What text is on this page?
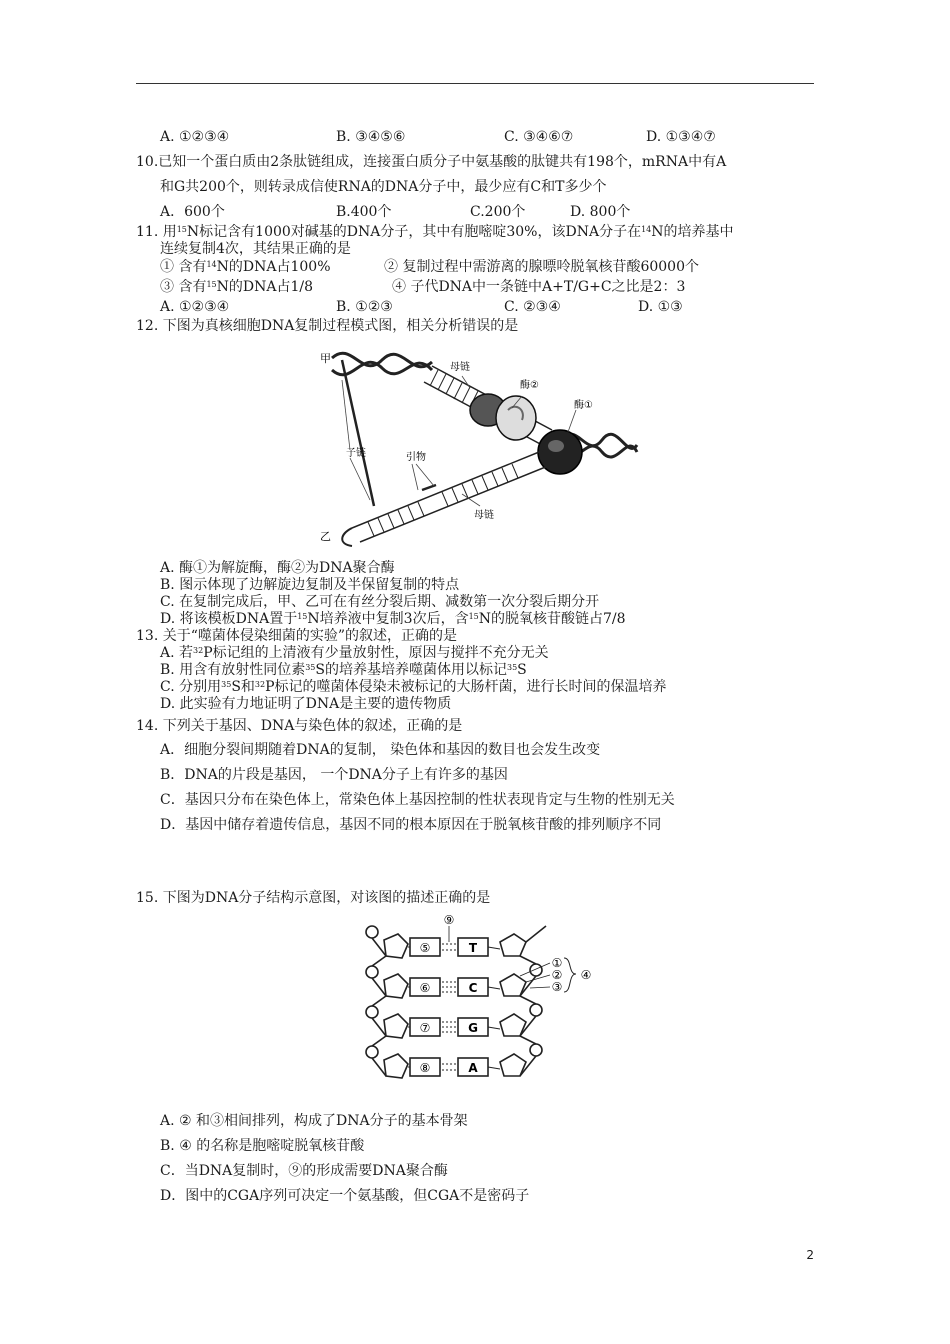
A. ①②③④	B. ③④⑤⑥	C. ③④⑥⑦	D. ①③④⑦
10.已知一个蛋白质由2条肽链组成，连接蛋白质分子中氨基酸的肽键共有198个，mRNA中有A
和G共200个，则转录成信使RNA的DNA分子中，最少应有C和T多少个
A．600个	B.400个	C.200个	D. 800个
11. 用$^{15}$N标记含有1000对碱基的DNA分子，其中有胞嘧啶30%，该DNA分子在$^{14}$N的培养基中
连续复制4次，其结果正确的是
① 含有$^{14}$N的DNA占100%	② 复制过程中需游离的腺嘌呤脱氧核苷酸60000个
③ 含有$^{15}$N的DNA占1/8	④ 子代DNA中一条链中A+T/G+C之比是2：3
A. ①②③④	B. ①②③	C. ②③④	D. ①③
12. 下图为真核细胞DNA复制过程模式图，相关分析错误的是
甲
乙
母链
酶②
酶①
子链	引物
母链
A. 酶①为解旋酶，酶②为DNA聚合酶
B. 图示体现了边解旋边复制及半保留复制的特点
C. 在复制完成后，甲、乙可在有丝分裂后期、减数第一次分裂后期分开
D. 将该模板DNA置于$^{15}$N培养液中复制3次后，含$^{15}$N的脱氧核苷酸链占7/8
13. 关于“噬菌体侵染细菌的实验”的叙述，正确的是
A. 若$^{32}$P标记组的上清液有少量放射性，原因与搅拌不充分无关
B. 用含有放射性同位素$^{35}$S的培养基培养噬菌体用以标记$^{35}$S
C. 分别用$^{35}$S和$^{32}$P标记的噬菌体侵染未被标记的大肠杆菌，进行长时间的保温培养
D. 此实验有力地证明了DNA是主要的遗传物质
14. 下列关于基因、DNA与染色体的叙述，正确的是
A．细胞分裂间期随着DNA的复制， 染色体和基因的数目也会发生改变
B．DNA的片段是基因， 一个DNA分子上有许多的基因
C．基因只分布在染色体上，常染色体上基因控制的性状表现肯定与生物的性别无关
D．基因中储存着遗传信息，基因不同的根本原因在于脱氧核苷酸的排列顺序不同
15. 下图为DNA分子结构示意图，对该图的描述正确的是
⑤	T
⑥	C
⑦	G
⑧	A
⑨
①
②
③
④
A. ② 和③相间排列，构成了DNA分子的基本骨架
B. ④ 的名称是胞嘧啶脱氧核苷酸
C．当DNA复制时，⑨的形成需要DNA聚合酶
D．图中的CGA序列可决定一个氨基酸，但CGA不是密码子
2
